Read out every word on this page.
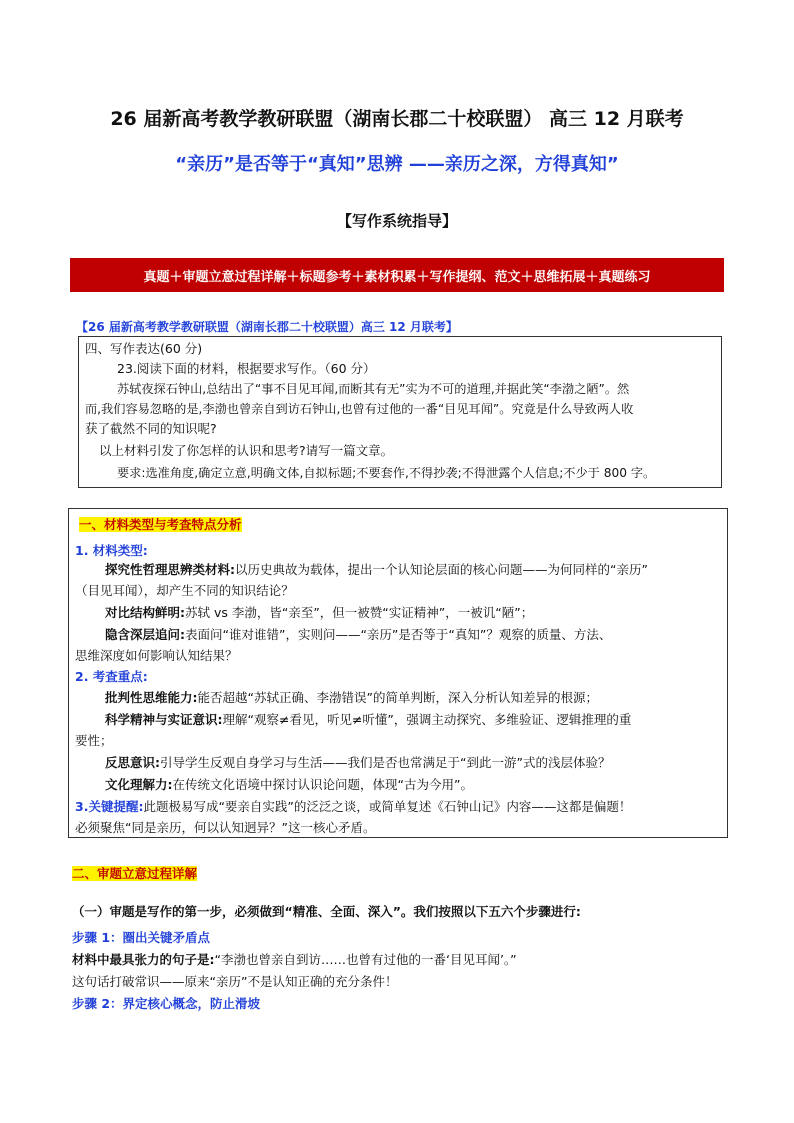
26 届新高考教学教研联盟（湖南长郡二十校联盟） 高三 12 月联考
“亲历”是否等于“真知”思辨 ——亲历之深，方得真知”
【写作系统指导】
真题＋审题立意过程详解＋标题参考＋素材积累＋写作提纲、范文＋思维拓展＋真题练习
【26 届新高考教学教研联盟（湖南长郡二十校联盟）高三 12 月联考】
四、写作表达(60 分)
23.阅读下面的材料，根据要求写作。（60 分）
苏轼夜探石钟山,总结出了“事不目见耳闻,而断其有无”实为不可的道理,并据此笑“李渤之陋”。然
而,我们容易忽略的是,李渤也曾亲自到访石钟山,也曾有过他的一番“目见耳闻”。究竟是什么导致两人收
获了截然不同的知识呢?
以上材料引发了你怎样的认识和思考?请写一篇文章。
要求:选准角度,确定立意,明确文体,自拟标题;不要套作,不得抄袭;不得泄露个人信息;不少于 800 字。
一、材料类型与考查特点分析
1. 材料类型:
探究性哲理思辨类材料:以历史典故为载体，提出一个认知论层面的核心问题——为何同样的“亲历”
（目见耳闻），却产生不同的知识结论？
对比结构鲜明:苏轼 vs 李渤，皆“亲至”，但一被赞“实证精神”，一被讥“陋”；
隐含深层追问:表面问“谁对谁错”，实则问——“亲历”是否等于“真知”？观察的质量、方法、
思维深度如何影响认知结果？
2. 考查重点:
批判性思维能力:能否超越“苏轼正确、李渤错误”的简单判断，深入分析认知差异的根源；
科学精神与实证意识:理解“观察≠看见，听见≠听懂”，强调主动探究、多维验证、逻辑推理的重
要性；
反思意识:引导学生反观自身学习与生活——我们是否也常满足于“到此一游”式的浅层体验？
文化理解力:在传统文化语境中探讨认识论问题，体现“古为今用”。
3.关键提醒:此题极易写成“要亲自实践”的泛泛之谈，或简单复述《石钟山记》内容——这都是偏题！
必须聚焦“同是亲历，何以认知迥异？”这一核心矛盾。
二、审题立意过程详解
（一）审题是写作的第一步，必须做到“精准、全面、深入”。我们按照以下五六个步骤进行:
步骤 1：圈出关键矛盾点
材料中最具张力的句子是:“李渤也曾亲自到访……也曾有过他的一番‘目见耳闻’。”
这句话打破常识——原来“亲历”不是认知正确的充分条件！
步骤 2：界定核心概念，防止滑坡
